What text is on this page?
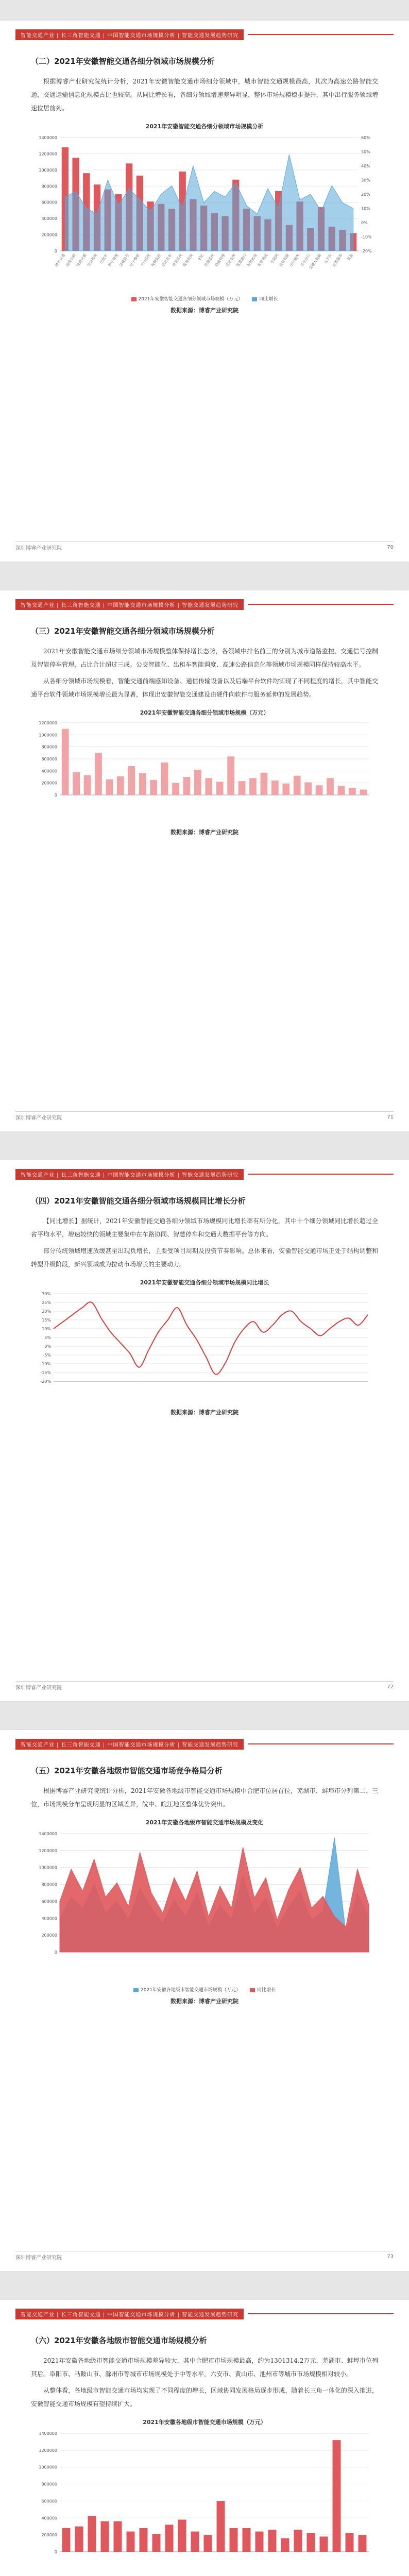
智能交通产业 | 长三角智能交通 | 中国智能交通市场规模分析 | 智能交通发展趋势研究
（二）2021年安徽智能交通各细分领域市场规模分析

根据博睿产业研究院统计分析，2021年安徽智能交通市场细分领域中，城市智能交通规模最高，其次为高速公路智能交通，交通运输信息化规模占比也较高。从同比增长看，各细分领域增速差异明显，整体市场规模稳步提升，其中出行服务领域增速位居前列。

2021年安徽智能交通各细分领域市场规模分析
0
200000
400000
600000
800000
1000000
1200000
1400000
-20%
-10%
0%
10%
20%
30%
40%
50%
60%
城市交通
高速公路
轨道交通
公交系统 出租车
停车管理
交通信号
电子警察
卡口系统
视频监控
信息发布
诱导系统
收费系统 ETC
治超系统
路政管理
应急指挥
智慧港口
智慧机场
智慧物流 车联网
自动驾驶
出行服务
共享出行
交通大数据 云平台
运维服务 其他
2021年安徽智能交通各细分领域市场规模（万元）	同比增长
数据来源：博睿产业研究院
深圳博睿产业研究院	70
智能交通产业 | 长三角智能交通 | 中国智能交通市场规模分析 | 智能交通发展趋势研究
（三）2021年安徽智能交通各细分领域市场规模分析

2021年安徽智能交通市场细分领域市场规模整体保持增长态势，各领域中排名前三的分别为城市道路监控、交通信号控制及智能停车管理，占比合计超过三成。公交智能化、出租车智能调度、高速公路信息化等领域市场规模同样保持较高水平。

从各细分领域市场规模看，智能交通前端感知设备、通信传输设备以及后端平台软件均实现了不同程度的增长，其中智能交通平台软件领域市场规模增长最为显著，体现出安徽智能交通建设由硬件向软件与服务延伸的发展趋势。

2021年安徽智能交通各细分领域市场规模（万元）
0
200000
400000
600000
800000
1000000
1200000
数据来源：博睿产业研究院
深圳博睿产业研究院	71
智能交通产业 | 长三角智能交通 | 中国智能交通市场规模分析 | 智能交通发展趋势研究
（四）2021年安徽智能交通各细分领域市场规模同比增长分析

【同比增长】据统计，2021年安徽智能交通各细分领域市场规模同比增长率有所分化，其中十个细分领域同比增长超过全省平均水平，增速较快的领域主要集中在车路协同、智慧停车和交通大数据平台等方向。

部分传统领域增速放缓甚至出现负增长，主要受项目周期及投资节奏影响。总体来看，安徽智能交通市场正处于结构调整和转型升级阶段，新兴领域成为拉动市场增长的主要动力。

2021年安徽智能交通各细分领域市场规模同比增长
-20%
-15%
-10%
-5%
0%
5%
10%
15%
20%
25%
30%
数据来源：博睿产业研究院
深圳博睿产业研究院	72
智能交通产业 | 长三角智能交通 | 中国智能交通市场规模分析 | 智能交通发展趋势研究
（五）2021年安徽各地级市智能交通市场竞争格局分析

根据博睿产业研究院统计分析，2021年安徽各地级市智能交通市场规模中合肥市位居首位，芜湖市、蚌埠市分列第二、三位，市场规模分布呈现明显的区域差异，皖中、皖江地区整体优势突出。

2021年安徽各地级市智能交通市场规模及变化
0
200000
400000
600000
800000
1000000
1200000
1400000
2021年安徽各地级市智能交通市场规模（万元）	同比增长
数据来源：博睿产业研究院
深圳博睿产业研究院	73
智能交通产业 | 长三角智能交通 | 中国智能交通市场规模分析 | 智能交通发展趋势研究
（六）2021年安徽各地级市智能交通市场规模分析

2021年安徽各地级市智能交通市场规模差异较大，其中合肥市市场规模最高，约为1301314.2万元，芜湖市、蚌埠市位列其后。阜阳市、马鞍山市、滁州市等城市市场规模处于中等水平，六安市、黄山市、池州市等城市市场规模相对较小。

从整体看，各地级市智能交通市场均实现了不同程度的增长，区域协同发展格局逐步形成，随着长三角一体化的深入推进，安徽智能交通市场规模有望持续扩大。

2021年安徽各地级市智能交通市场规模（万元）
0
200000
400000
600000
800000
1000000
1200000
1400000
